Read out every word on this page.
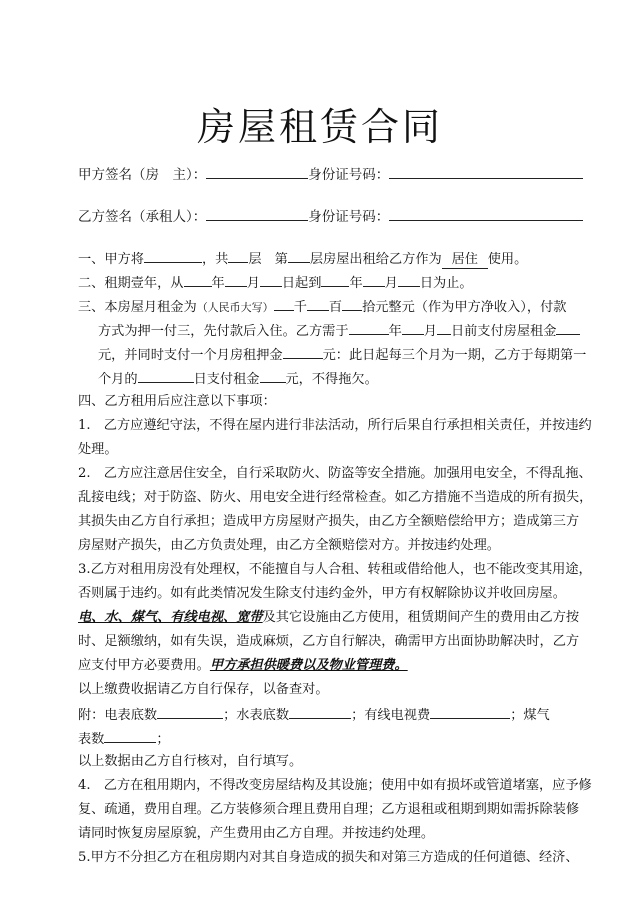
房屋租赁合同
甲方签名（房　主）：	身份证号码：
乙方签名（承租人）：	身份证号码：
一、甲方将	，共 层　第 层房屋出租给乙方作为 居住 使用。
二、租期壹年，从 年 月 日起到 年 月 日为止。
三、本房屋月租金为（人民币大写） 千 百 拾元整元（作为甲方净收入），付款
方式为押一付三，先付款后入住。乙方需于	年 月 日前支付房屋租金
元，并同时支付一个月房租押金	元：此日起每三个月为一期，乙方于每期第一
个月的	日支付租金 元，不得拖欠。
四、乙方租用后应注意以下事项：
1.　乙方应遵纪守法，不得在屋内进行非法活动，所行后果自行承担相关责任，并按违约
处理。
2.　乙方应注意居住安全，自行采取防火、防盗等安全措施。加强用电安全，不得乱拖、
乱接电线；对于防盗、防火、用电安全进行经常检查。如乙方措施不当造成的所有损失，
其损失由乙方自行承担；造成甲方房屋财产损失，由乙方全额赔偿给甲方；造成第三方
房屋财产损失，由乙方负责处理，由乙方全额赔偿对方。并按违约处理。
3.乙方对租用房没有处理权，不能擅自与人合租、转租或借给他人，也不能改变其用途，
否则属于违约。如有此类情况发生除支付违约金外，甲方有权解除协议并收回房屋。
电、水、煤气、有线电视、宽带及其它设施由乙方使用，租赁期间产生的费用由乙方按
时、足额缴纳，如有失误，造成麻烦，乙方自行解决，确需甲方出面协助解决时，乙方
应支付甲方必要费用。甲方承担供暖费以及物业管理费。
以上缴费收据请乙方自行保存，以备查对。
附：电表底数	；水表底数	；有线电视费	；煤气
表数	；
以上数据由乙方自行核对，自行填写。
4.　乙方在租用期内，不得改变房屋结构及其设施；使用中如有损坏或管道堵塞，应予修
复、疏通，费用自理。乙方装修须合理且费用自理；乙方退租或租期到期如需拆除装修
请同时恢复房屋原貌，产生费用由乙方自理。并按违约处理。
5.甲方不分担乙方在租房期内对其自身造成的损失和对第三方造成的任何道德、经济、
